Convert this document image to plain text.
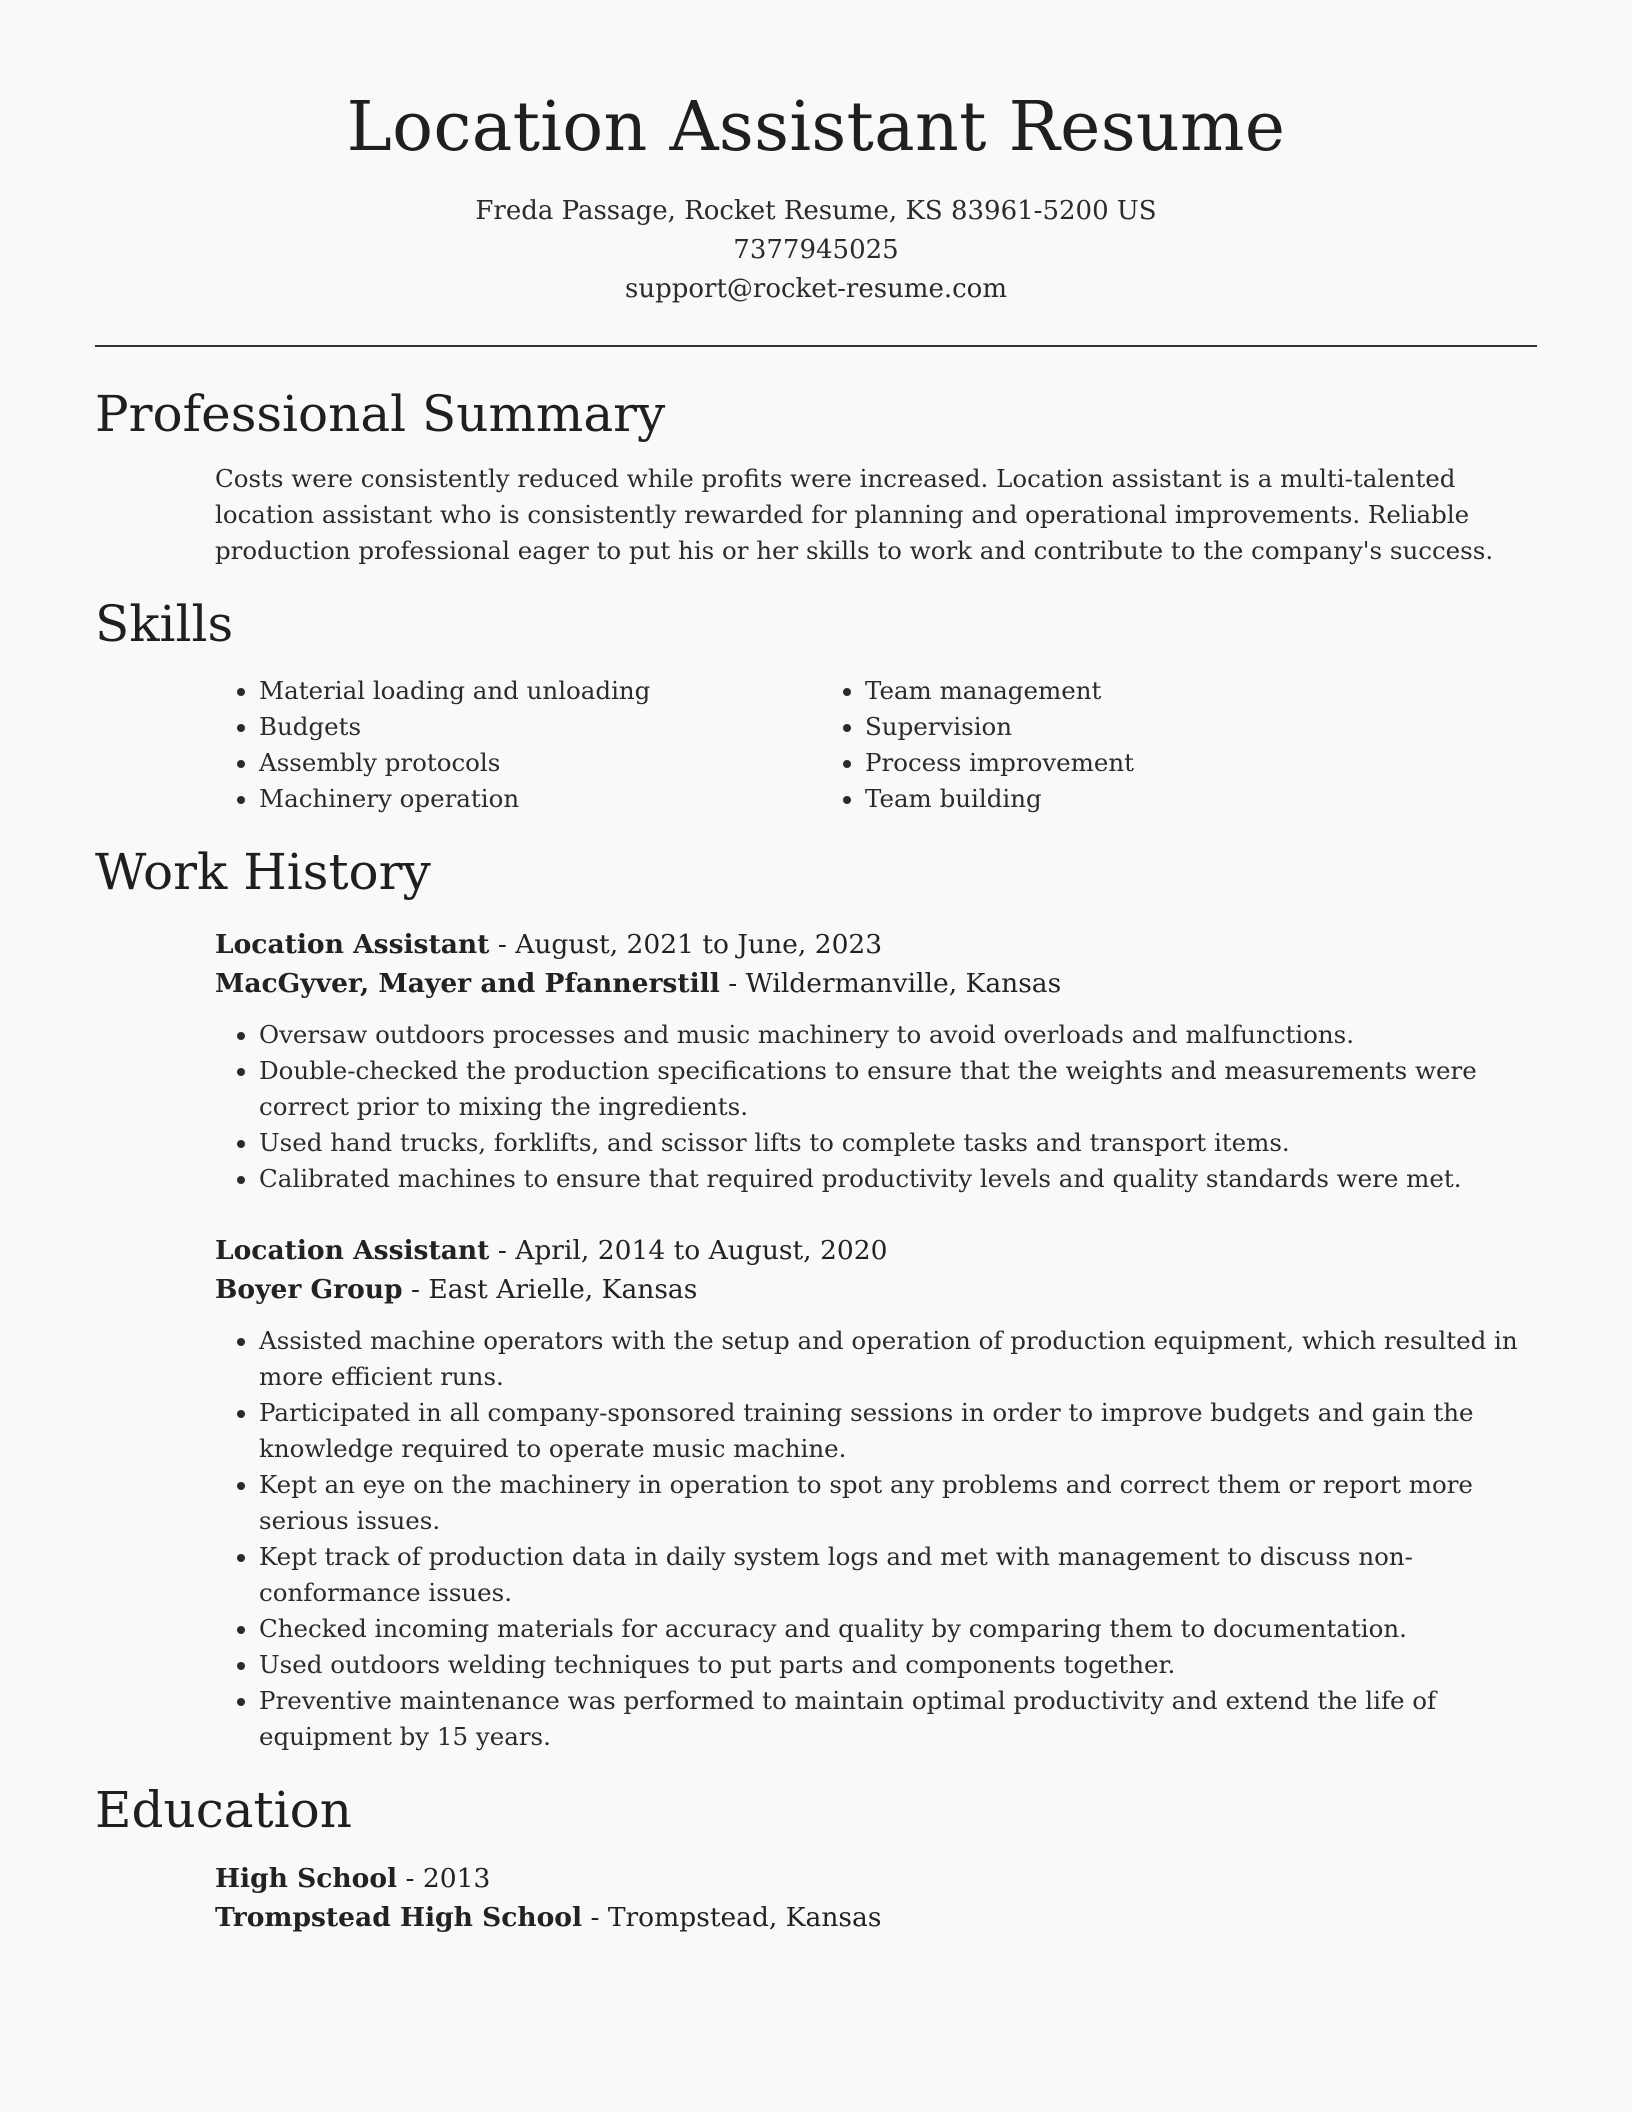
Location Assistant Resume
Freda Passage, Rocket Resume, KS 83961-5200 US
7377945025
support@rocket-resume.com
Professional Summary

Costs were consistently reduced while profits were increased. Location assistant is a multi-talented location assistant who is consistently rewarded for planning and operational improvements. Reliable production professional eager to put his or her skills to work and contribute to the company's success.

Skills
• Material loading and unloading
• Budgets
• Assembly protocols
• Machinery operation
• Team management
• Supervision
• Process improvement
• Team building
Work History
Location Assistant - August, 2021 to June, 2023
MacGyver, Mayer and Pfannerstill - Wildermanville, Kansas
• Oversaw outdoors processes and music machinery to avoid overloads and malfunctions.
• Double-checked the production specifications to ensure that the weights and measurements were correct prior to mixing the ingredients.
• Used hand trucks, forklifts, and scissor lifts to complete tasks and transport items.
• Calibrated machines to ensure that required productivity levels and quality standards were met.
Location Assistant - April, 2014 to August, 2020
Boyer Group - East Arielle, Kansas
• Assisted machine operators with the setup and operation of production equipment, which resulted in more efficient runs.
• Participated in all company-sponsored training sessions in order to improve budgets and gain the knowledge required to operate music machine.
• Kept an eye on the machinery in operation to spot any problems and correct them or report more serious issues.
• Kept track of production data in daily system logs and met with management to discuss non-conformance issues.
• Checked incoming materials for accuracy and quality by comparing them to documentation.
• Used outdoors welding techniques to put parts and components together.
• Preventive maintenance was performed to maintain optimal productivity and extend the life of equipment by 15 years.
Education
High School - 2013
Trompstead High School - Trompstead, Kansas
